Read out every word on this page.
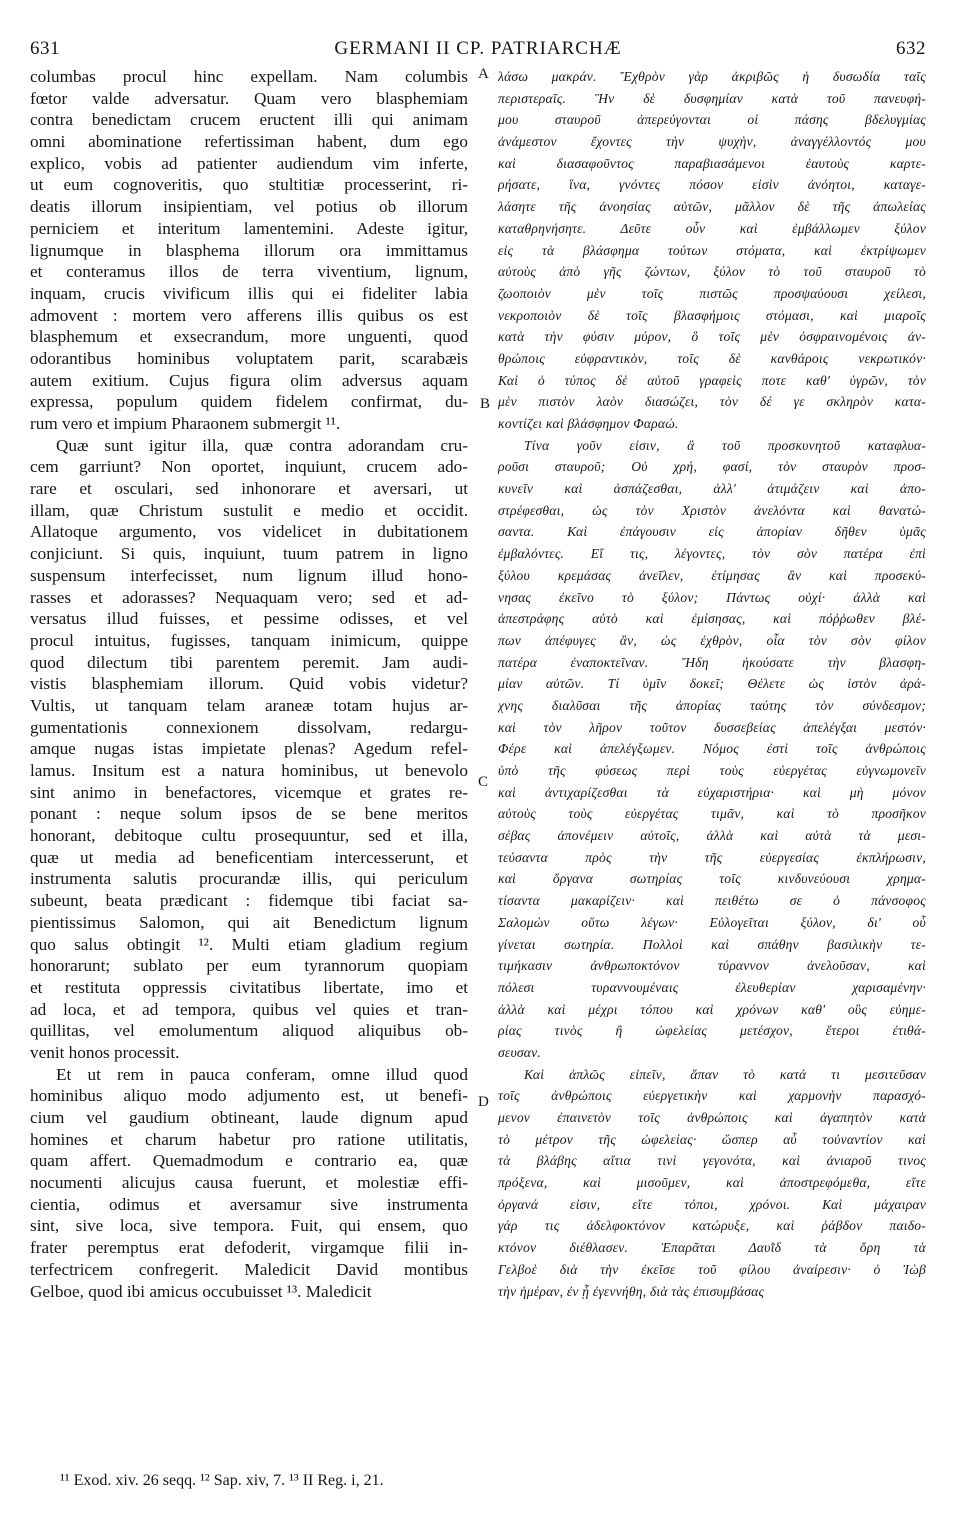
631	GERMANI II CP. PATRIARCHÆ	632
columbas procul hinc expellam. Nam columbis
fœtor valde adversatur. Quam vero blasphemiam
contra benedictam crucem eructent illi qui animam
omni abominatione refertissiman habent, dum ego
explico, vobis ad patienter audiendum vim inferte,
ut eum cognoveritis, quo stultitiæ processerint, ri-
deatis illorum insipientiam, vel potius ob illorum
perniciem et interitum lamentemini. Adeste igitur,
lignumque in blasphema illorum ora immittamus
et conteramus illos de terra viventium, lignum,
inquam, crucis vivificum illis qui ei fideliter labia
admovent : mortem vero afferens illis quibus os est
blasphemum et exsecrandum, more unguenti, quod
odorantibus hominibus voluptatem parit, scarabæis
autem exitium. Cujus figura olim adversus aquam
expressa, populum quidem fidelem confirmat, du-
rum vero et impium Pharaonem submergit ¹¹.
Quæ sunt igitur illa, quæ contra adorandam cru-
cem garriunt? Non oportet, inquiunt, crucem ado-
rare et osculari, sed inhonorare et aversari, ut
illam, quæ Christum sustulit e medio et occidit.
Allatoque argumento, vos videlicet in dubitationem
conjiciunt. Si quis, inquiunt, tuum patrem in ligno
suspensum interfecisset, num lignum illud hono-
rasses et adorasses? Nequaquam vero; sed et ad-
versatus illud fuisses, et pessime odisses, et vel
procul intuitus, fugisses, tanquam inimicum, quippe
quod dilectum tibi parentem peremit. Jam audi-
vistis blasphemiam illorum. Quid vobis videtur?
Vultis, ut tanquam telam araneæ totam hujus ar-
gumentationis connexionem dissolvam, redargu-
amque nugas istas impietate plenas? Agedum refel-
lamus. Insitum est a natura hominibus, ut benevolo
sint animo in benefactores, vicemque et grates re-
ponant : neque solum ipsos de se bene meritos
honorant, debitoque cultu prosequuntur, sed et illa,
quæ ut media ad beneficentiam intercesserunt, et
instrumenta salutis procurandæ illis, qui periculum
subeunt, beata prædicant : fidemque tibi faciat sa-
pientissimus Salomon, qui ait Benedictum lignum
quo salus obtingit ¹². Multi etiam gladium regium
honorarunt; sublato per eum tyrannorum quopiam
et restituta oppressis civitatibus libertate, imo et
ad loca, et ad tempora, quibus vel quies et tran-
quillitas, vel emolumentum aliquod aliquibus ob-
venit honos processit.
Et ut rem in pauca conferam, omne illud quod
hominibus aliquo modo adjumento est, ut benefi-
cium vel gaudium obtineant, laude dignum apud
homines et charum habetur pro ratione utilitatis,
quam affert. Quemadmodum e contrario ea, quæ
nocumenti alicujus causa fuerunt, et molestiæ effi-
cientia, odimus et aversamur sive instrumenta
sint, sive loca, sive tempora. Fuit, qui ensem, quo
frater peremptus erat defoderit, virgamque filii in-
terfectricem confregerit. Maledicit David montibus
Gelboe, quod ibi amicus occubuisset ¹³. Maledicit
λάσω μακράν. Ἔχθρὸν γὰρ ἀκριβῶς ἡ δυσωδία ταῖς
περιστεραῖς. Ἣν δὲ δυσφημίαν κατὰ τοῦ πανευφή-
μου σταυροῦ ἀπερεύγονται οἱ πάσης βδελυγμίας
ἀνάμεστον ἔχοντες τὴν ψυχὴν, ἀναγγέλλοντός μου
καὶ διασαφοῦντος παραβιασάμενοι ἑαυτοὺς καρτε-
ρήσατε, ἵνα, γνόντες πόσον εἰσὶν ἀνόητοι, καταγε-
λάσητε τῆς ἀνοησίας αὐτῶν, μᾶλλον δὲ τῆς ἀπωλείας
καταθρηνήσητε. Δεῦτε οὖν καὶ ἐμβάλλωμεν ξύλον
εἰς τὰ βλάσφημα τούτων στόματα, καὶ ἐκτρίψωμεν
αὐτοὺς ἀπὸ γῆς ζώντων, ξύλον τὸ τοῦ σταυροῦ τὸ
ζωοποιὸν μὲν τοῖς πιστῶς προσψαύουσι χείλεσι,
νεκροποιὸν δὲ τοῖς βλασφήμοις στόμασι, καὶ μιαροῖς
κατὰ τὴν φύσιν μύρον, ὃ τοῖς μὲν ὀσφραινομένοις ἀν-
θρώποις εὐφραντικὸν, τοῖς δὲ κανθάροις νεκρωτικόν·
Καὶ ὁ τύπος δὲ αὐτοῦ γραφεὶς ποτε καθ' ὑγρῶν, τὸν
μὲν πιστὸν λαὸν διασώζει, τὸν δέ γε σκληρὸν κατα-
κοντίζει καὶ βλάσφημον Φαραώ.
Τίνα γοῦν εἰσιν, ἃ τοῦ προσκυνητοῦ καταφλυα-
ροῦσι σταυροῦ; Οὐ χρή, φασί, τὸν σταυρὸν προσ-
κυνεῖν καὶ ἀσπάζεσθαι, ἀλλ' ἀτιμάζειν καὶ ἀπο-
στρέφεσθαι, ὡς τὸν Χριστὸν ἀνελόντα καὶ θανατώ-
σαντα. Καὶ ἐπάγουσιν εἰς ἀπορίαν δῆθεν ὑμᾶς
ἐμβαλόντες. Εἴ τις, λέγοντες, τὸν σὸν πατέρα ἐπὶ
ξύλου κρεμάσας ἀνεῖλεν, ἐτίμησας ἂν καὶ προσεκύ-
νησας ἐκεῖνο τὸ ξύλον; Πάντως οὐχί· ἀλλὰ καὶ
ἀπεστράφης αὐτὸ καὶ ἐμίσησας, καὶ πόῤῥωθεν βλέ-
πων ἀπέφυγες ἂν, ὡς ἐχθρὸν, οἷα τὸν σὸν φίλον
πατέρα ἐναποκτεῖναν. Ἤδη ἠκούσατε τὴν βλασφη-
μίαν αὐτῶν. Τί ὑμῖν δοκεῖ; Θέλετε ὡς ἱστὸν ἀρά-
χνης διαλῦσαι τῆς ἀπορίας ταύτης τὸν σύνδεσμον;
καὶ τὸν λῆρον τοῦτον δυσσεβείας ἀπελέγξαι μεστόν·
Φέρε καὶ ἀπελέγξωμεν. Νόμος ἐστὶ τοῖς ἀνθρώποις
ὑπὸ τῆς φύσεως περὶ τοὺς εὐεργέτας εὐγνωμονεῖν
καὶ ἀντιχαρίζεσθαι τὰ εὐχαριστήρια· καὶ μὴ μόνον
αὐτοὺς τοὺς εὐεργέτας τιμᾶν, καὶ τὸ προσῆκον
σέβας ἀπονέμειν αὐτοῖς, ἀλλὰ καὶ αὐτὰ τὰ μεσι-
τεύσαντα πρὸς τὴν τῆς εὐεργεσίας ἐκπλήρωσιν,
καὶ ὄργανα σωτηρίας τοῖς κινδυνεύουσι χρημα-
τίσαντα μακαρίζειν· καὶ πειθέτω σε ὁ πάνσοφος
Σαλομὼν οὕτω λέγων· Εὐλογεῖται ξύλον, δι' οὗ
γίνεται σωτηρία. Πολλοὶ καὶ σπάθην βασιλικὴν τε-
τιμήκασιν ἀνθρωποκτόνον τύραννον ἀνελοῦσαν, καὶ
πόλεσι τυραννουμέναις ἐλευθερίαν χαρισαμένην·
ἀλλὰ καὶ μέχρι τόπου καὶ χρόνων καθ' οὓς εὐημε-
ρίας τινὸς ἢ ὠφελείας μετέσχον, ἕτεροι ἐτιθά-
σευσαν.
Καὶ ἁπλῶς εἰπεῖν, ἅπαν τὸ κατά τι μεσιτεῦσαν
τοῖς ἀνθρώποις εὐεργετικὴν καὶ χαρμονὴν παρασχό-
μενον ἐπαινετὸν τοῖς ἀνθρώποις καὶ ἀγαπητὸν κατὰ
τὸ μέτρον τῆς ὠφελείας· ὥσπερ αὖ τοὐναντίον καὶ
τὰ βλάβης αἴτια τινὶ γεγονότα, καὶ ἀνιαροῦ τινος
πρόξενα, καὶ μισοῦμεν, καὶ ἀποστρεφόμεθα, εἴτε
ὀργανά εἰσιν, εἴτε τόποι, χρόνοι. Καὶ μάχαιραν
γάρ τις ἀδελφοκτόνον κατώρυξε, καὶ ῥάβδον παιδο-
κτόνον διέθλασεν. Ἐπαρᾶται Δαυῒδ τὰ ὄρη τὰ
Γελβοὲ διὰ τὴν ἐκεῖσε τοῦ φίλου ἀναίρεσιν· ὁ Ἰὼβ
τὴν ἡμέραν, ἐν ᾗ ἐγεννήθη, διὰ τὰς ἐπισυμβάσας
A
B
C
D
¹¹ Exod. xiv. 26 seqq. ¹² Sap. xiv, 7. ¹³ II Reg. i, 21.
